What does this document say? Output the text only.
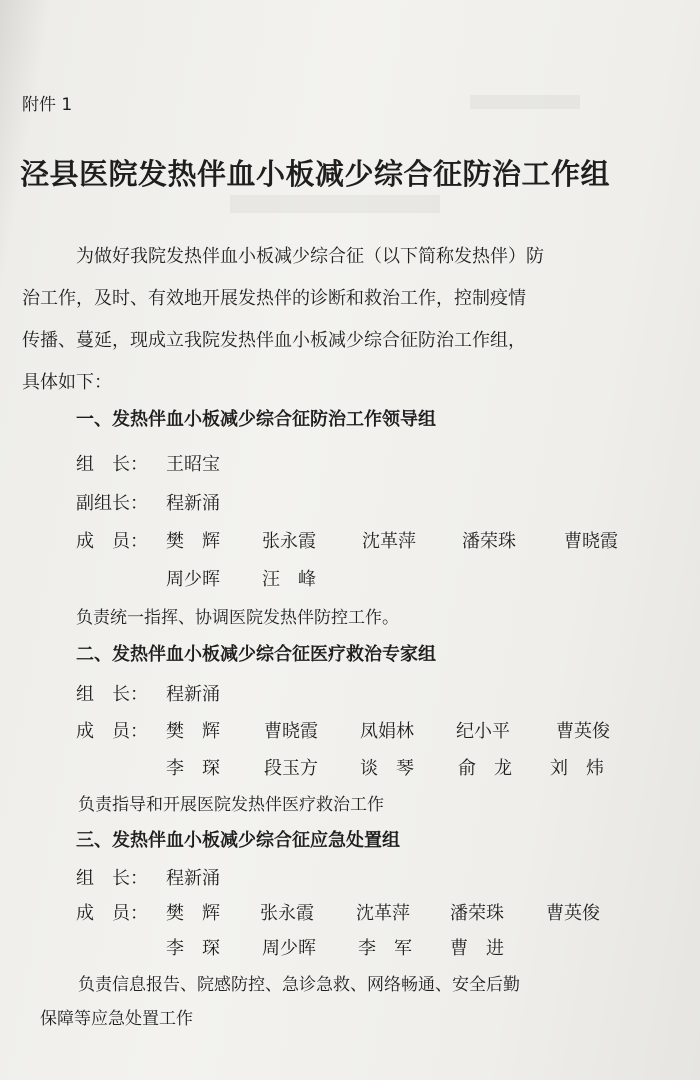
附件 1
泾县医院发热伴血小板减少综合征防治工作组
为做好我院发热伴血小板减少综合征（以下简称发热伴）防
治工作，及时、有效地开展发热伴的诊断和救治工作，控制疫情
传播、蔓延，现成立我院发热伴血小板减少综合征防治工作组，
具体如下：
一、发热伴血小板减少综合征防治工作领导组
组　长： 王昭宝
副组长： 程新涌
成　员： 樊　辉 张永霞	沈革萍	潘荣珠	曹晓霞
周少晖 汪　峰
负责统一指挥、协调医院发热伴防控工作。
二、发热伴血小板减少综合征医疗救治专家组
组　长： 程新涌
成　员： 樊　辉 曹晓霞 凤娟林 纪小平	曹英俊
李　琛 段玉方 谈　琴 俞　龙 刘　炜
负责指导和开展医院发热伴医疗救治工作
三、发热伴血小板减少综合征应急处置组
组　长： 程新涌
成　员： 樊　辉 张永霞 沈革萍 潘荣珠 曹英俊
李　琛 周少晖 李　军 曹　进
负责信息报告、院感防控、急诊急救、网络畅通、安全后勤
保障等应急处置工作
